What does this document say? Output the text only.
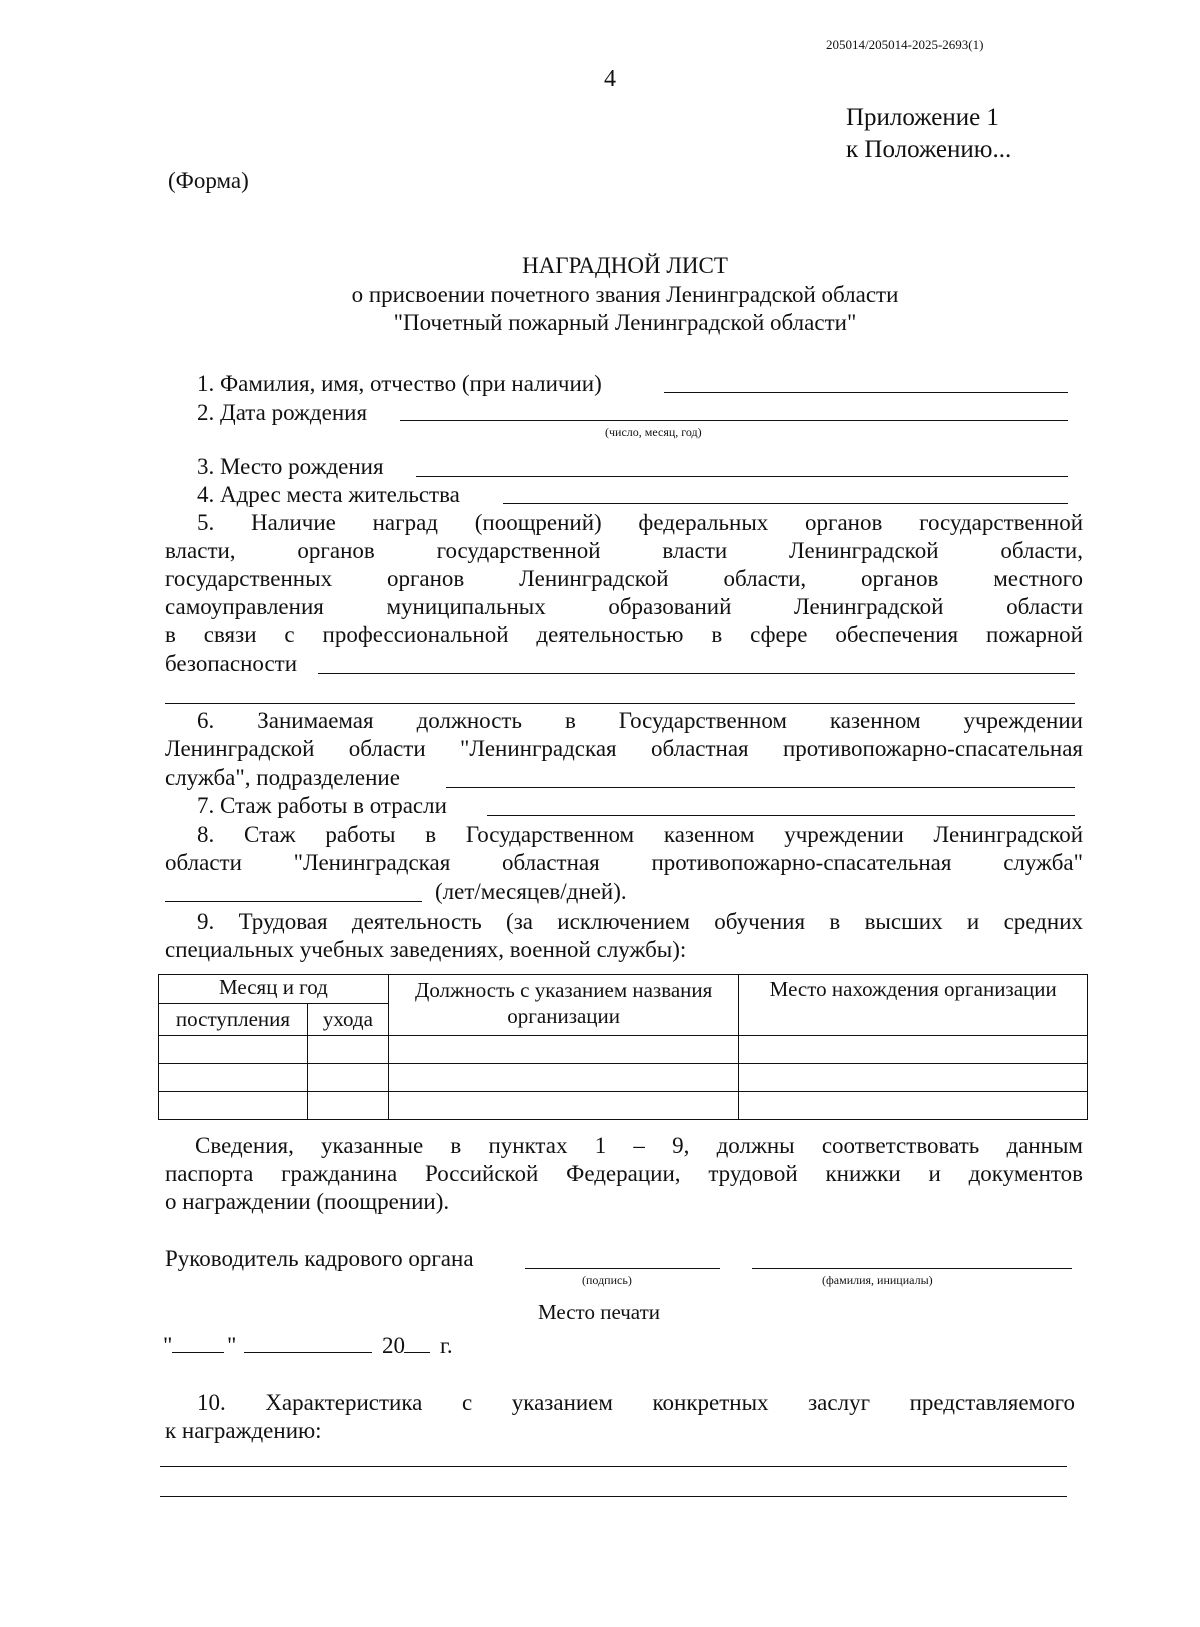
205014/205014-2025-2693(1)
4
Приложение 1
к Положению...
(Форма)
НАГРАДНОЙ ЛИСТ
о присвоении почетного звания Ленинградской области
"Почетный пожарный Ленинградской области"
1. Фамилия, имя, отчество (при наличии)
2. Дата рождения
(число, месяц, год)
3. Место рождения
4. Адрес места жительства
5. Наличие наград (поощрений) федеральных органов государственной
власти, органов государственной власти Ленинградской области,
государственных органов Ленинградской области, органов местного
самоуправления муниципальных образований Ленинградской области
в связи с профессиональной деятельностью в сфере обеспечения пожарной
безопасности
6. Занимаемая должность в Государственном казенном учреждении
Ленинградской области "Ленинградская областная противопожарно-спасательная
служба", подразделение
7. Стаж работы в отрасли
8. Стаж работы в Государственном казенном учреждении Ленинградской
области "Ленинградская областная противопожарно-спасательная служба"
(лет/месяцев/дней).
9. Трудовая деятельность (за исключением обучения в высших и средних
специальных учебных заведениях, военной службы):
Месяц и год		Должность с указанием названия организации	Место нахождения организации
поступления	ухода		

Сведения, указанные в пунктах 1 – 9, должны соответствовать данным
паспорта гражданина Российской Федерации, трудовой книжки и документов
о награждении (поощрении).
Руководитель кадрового органа
(подпись)	(фамилия, инициалы)
Место печати
" "	20 г.
10. Характеристика с указанием конкретных заслуг представляемого
к награждению:
